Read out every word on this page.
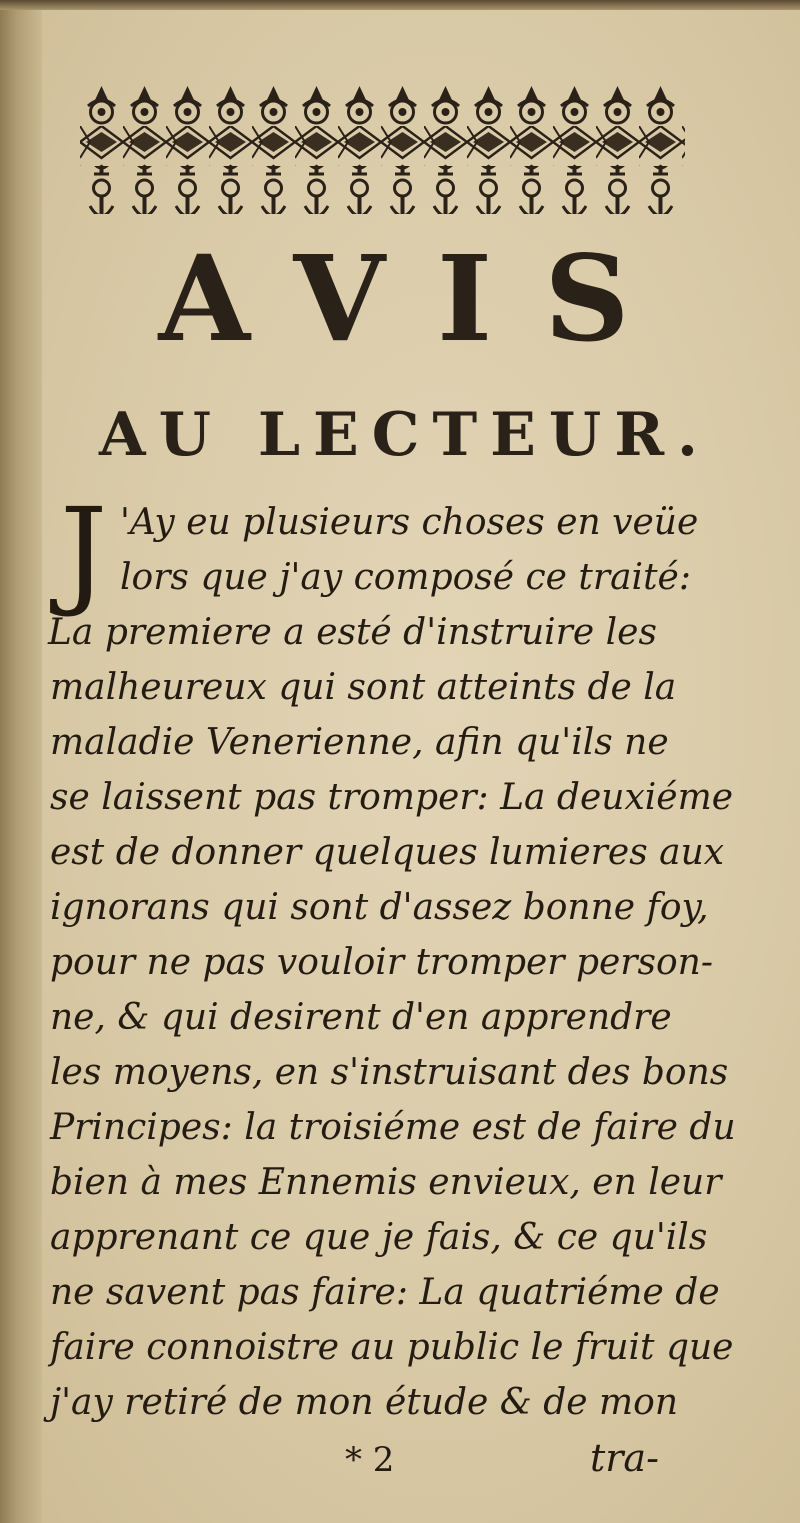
AVIS
AU LECTEUR.
J 'Ay eu plusieurs choses en veüe
lors que j'ay composé ce traité:
La premiere a esté d'instruire les
malheureux qui sont atteints de la
maladie Venerienne, afin qu'ils ne
se laissent pas tromper: La deuxiéme
est de donner quelques lumieres aux
ignorans qui sont d'assez bonne foy,
pour ne pas vouloir tromper person-
ne, & qui desirent d'en apprendre
les moyens, en s'instruisant des bons
Principes: la troisiéme est de faire du
bien à mes Ennemis envieux, en leur
apprenant ce que je fais, & ce qu'ils
ne savent pas faire: La quatriéme de
faire connoistre au public le fruit que
j'ay retiré de mon étude & de mon
* 2	tra-
